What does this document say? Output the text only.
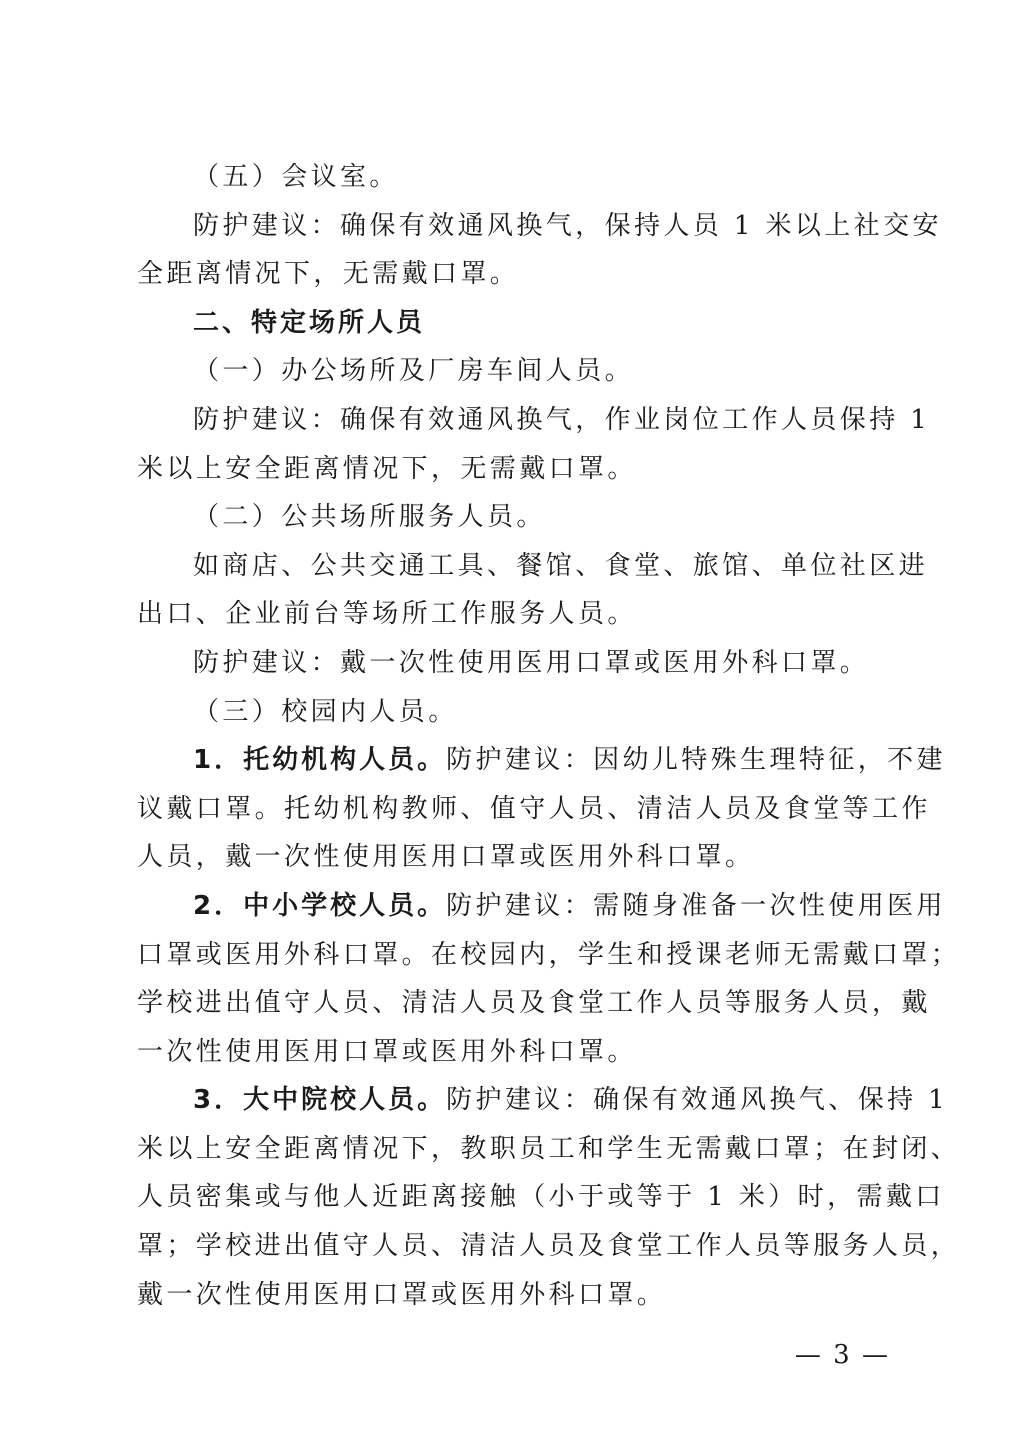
（五）会议室。
防护建议：确保有效通风换气，保持人员 1 米以上社交安
全距离情况下，无需戴口罩。
二、特定场所人员
（一）办公场所及厂房车间人员。
防护建议：确保有效通风换气，作业岗位工作人员保持 1
米以上安全距离情况下，无需戴口罩。
（二）公共场所服务人员。
如商店、公共交通工具、餐馆、食堂、旅馆、单位社区进
出口、企业前台等场所工作服务人员。
防护建议：戴一次性使用医用口罩或医用外科口罩。
（三）校园内人员。
1．托幼机构人员。防护建议：因幼儿特殊生理特征，不建
议戴口罩。托幼机构教师、值守人员、清洁人员及食堂等工作
人员，戴一次性使用医用口罩或医用外科口罩。
2．中小学校人员。防护建议：需随身准备一次性使用医用
口罩或医用外科口罩。在校园内，学生和授课老师无需戴口罩；
学校进出值守人员、清洁人员及食堂工作人员等服务人员，戴
一次性使用医用口罩或医用外科口罩。
3．大中院校人员。防护建议：确保有效通风换气、保持 1
米以上安全距离情况下，教职员工和学生无需戴口罩；在封闭、
人员密集或与他人近距离接触（小于或等于 1 米）时，需戴口
罩；学校进出值守人员、清洁人员及食堂工作人员等服务人员，
戴一次性使用医用口罩或医用外科口罩。
— 3 —
